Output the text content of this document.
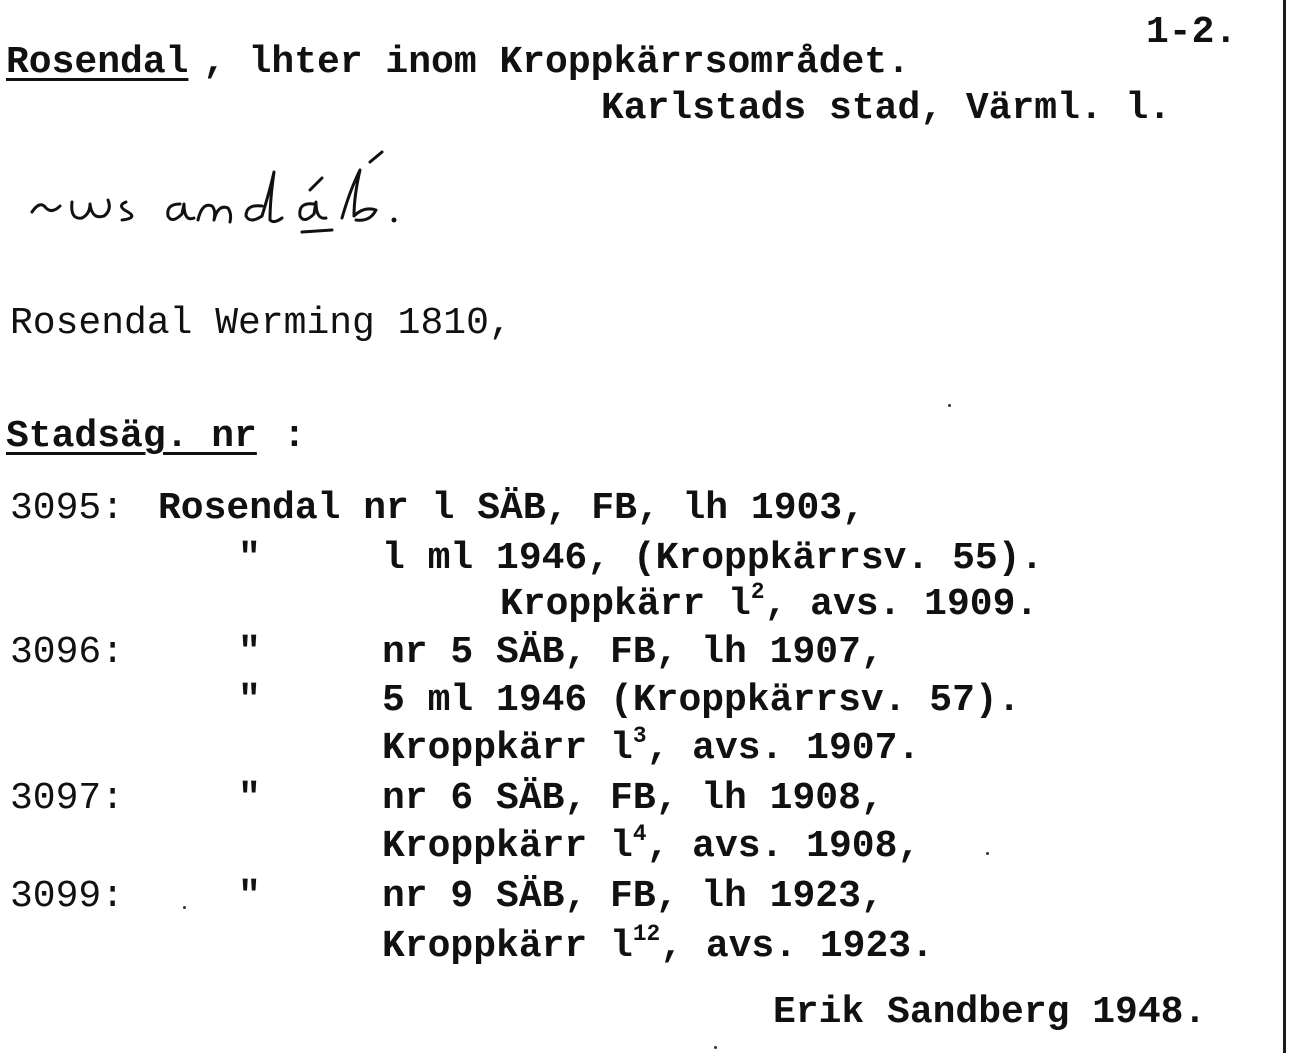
Rosendal , lhter inom Kroppkärrsområdet.
1-2.
Karlstads stad, Värml. l.
Rosendal Werming 1810,
Stadsäg. nr :
3095: Rosendal nr l SÄB, FB, lh 1903,
"	l ml 1946, (Kroppkärrsv. 55).
Kroppkärr $l^2$, avs. 1909.
3096:	"	nr 5 SÄB, FB, lh 1907,
"	5 ml 1946 (Kroppkärrsv. 57).
Kroppkärr $l^3$, avs. 1907.
3097:	"	nr 6 SÄB, FB, lh 1908,
Kroppkärr $l^4$, avs. 1908,
3099:	"	nr 9 SÄB, FB, lh 1923,
Kroppkärr $l^{12}$, avs. 1923.
Erik Sandberg 1948.
